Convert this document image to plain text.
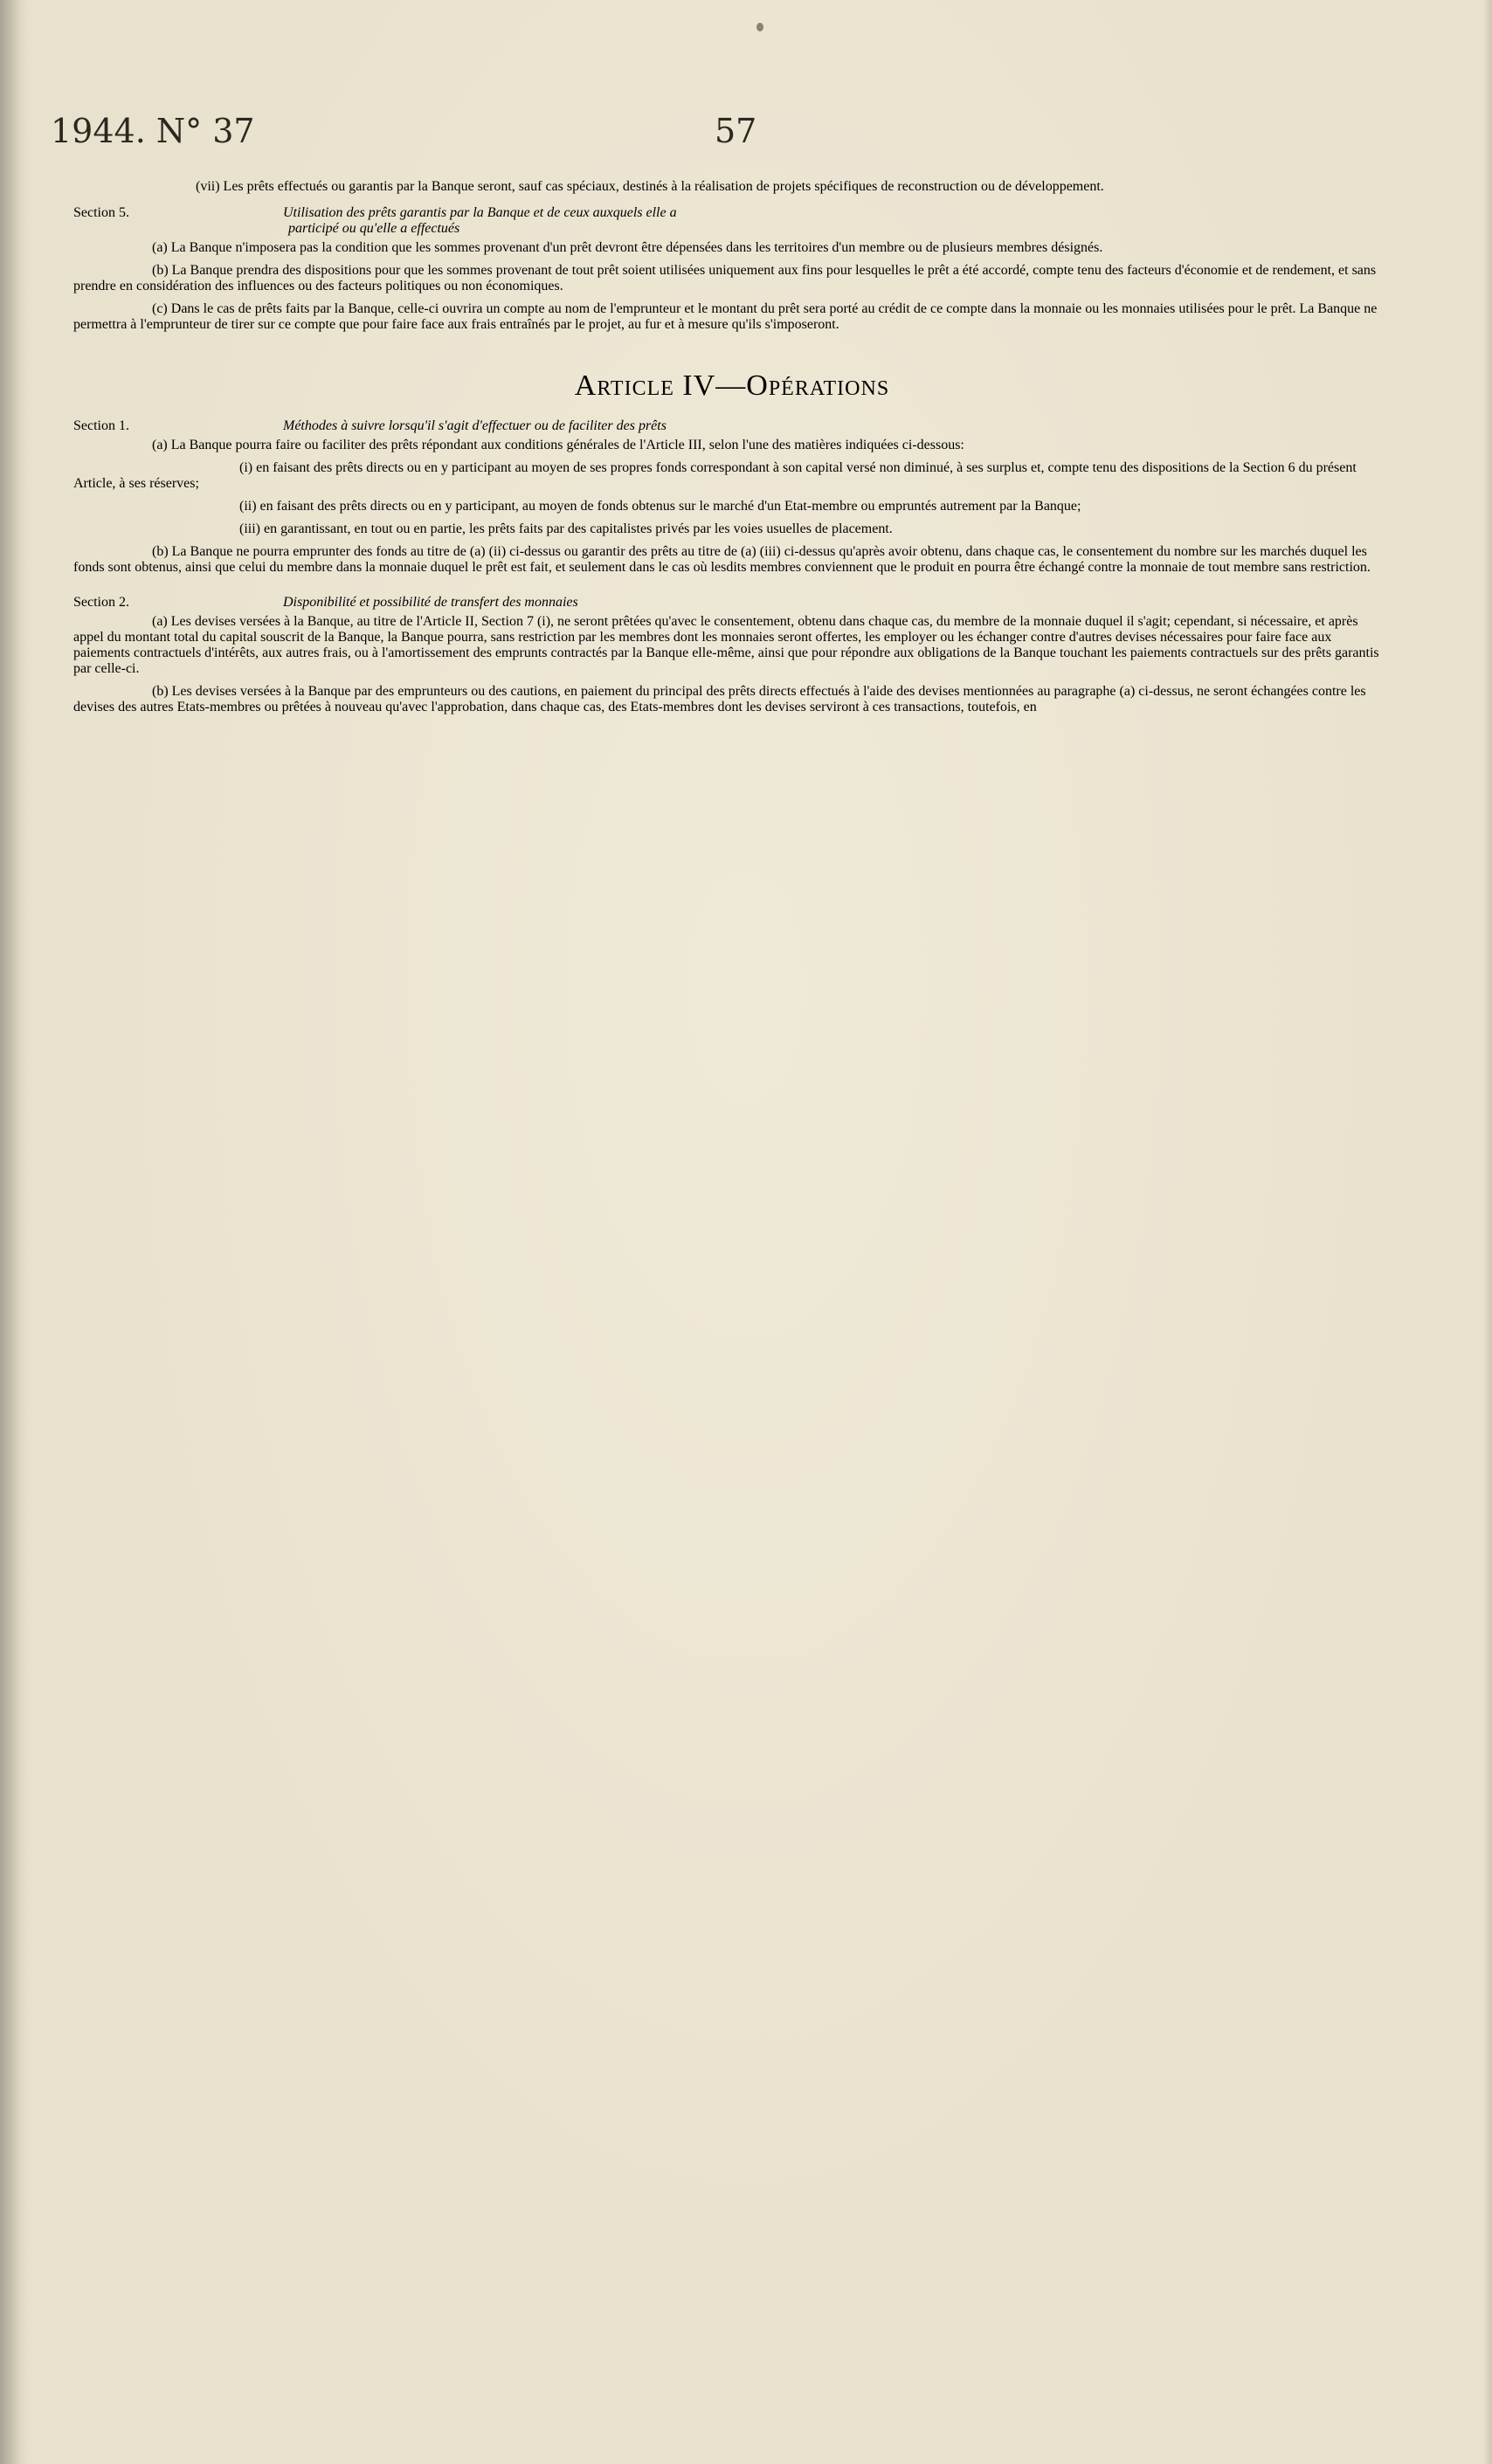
1944. N° 37	57

(vii) Les prêts effectués ou garantis par la Banque seront, sauf cas spéciaux, destinés à la réalisation de projets spécifiques de reconstruction ou de développement.

Section 5.	Utilisation des prêts garantis par la Banque et de ceux auxquels elle a
participé ou qu'elle a effectués

(a) La Banque n'imposera pas la condition que les sommes provenant d'un prêt devront être dépensées dans les territoires d'un membre ou de plusieurs membres désignés.

(b) La Banque prendra des dispositions pour que les sommes provenant de tout prêt soient utilisées uniquement aux fins pour lesquelles le prêt a été accordé, compte tenu des facteurs d'économie et de rendement, et sans prendre en considération des influences ou des facteurs politiques ou non économiques.

(c) Dans le cas de prêts faits par la Banque, celle-ci ouvrira un compte au nom de l'emprunteur et le montant du prêt sera porté au crédit de ce compte dans la monnaie ou les monnaies utilisées pour le prêt. La Banque ne permettra à l'emprunteur de tirer sur ce compte que pour faire face aux frais entraînés par le projet, au fur et à mesure qu'ils s'imposeront.

Article IV—Opérations
Section 1.	Méthodes à suivre lorsqu'il s'agit d'effectuer ou de faciliter des prêts

(a) La Banque pourra faire ou faciliter des prêts répondant aux conditions générales de l'Article III, selon l'une des matières indiquées ci-dessous:

(i) en faisant des prêts directs ou en y participant au moyen de ses propres fonds correspondant à son capital versé non diminué, à ses surplus et, compte tenu des dispositions de la Section 6 du présent Article, à ses réserves;

(ii) en faisant des prêts directs ou en y participant, au moyen de fonds obtenus sur le marché d'un Etat-membre ou empruntés autrement par la Banque;

(iii) en garantissant, en tout ou en partie, les prêts faits par des capitalistes privés par les voies usuelles de placement.

(b) La Banque ne pourra emprunter des fonds au titre de (a) (ii) ci-dessus ou garantir des prêts au titre de (a) (iii) ci-dessus qu'après avoir obtenu, dans chaque cas, le consentement du nombre sur les marchés duquel les fonds sont obtenus, ainsi que celui du membre dans la monnaie duquel le prêt est fait, et seulement dans le cas où lesdits membres conviennent que le produit en pourra être échangé contre la monnaie de tout membre sans restriction.

Section 2.	Disponibilité et possibilité de transfert des monnaies

(a) Les devises versées à la Banque, au titre de l'Article II, Section 7 (i), ne seront prêtées qu'avec le consentement, obtenu dans chaque cas, du membre de la monnaie duquel il s'agit; cependant, si nécessaire, et après appel du montant total du capital souscrit de la Banque, la Banque pourra, sans restriction par les membres dont les monnaies seront offertes, les employer ou les échanger contre d'autres devises nécessaires pour faire face aux paiements contractuels d'intérêts, aux autres frais, ou à l'amortissement des emprunts contractés par la Banque elle-même, ainsi que pour répondre aux obligations de la Banque touchant les paiements contractuels sur des prêts garantis par celle-ci.

(b) Les devises versées à la Banque par des emprunteurs ou des cautions, en paiement du principal des prêts directs effectués à l'aide des devises mentionnées au paragraphe (a) ci-dessus, ne seront échangées contre les devises des autres Etats-membres ou prêtées à nouveau qu'avec l'approbation, dans chaque cas, des Etats-membres dont les devises serviront à ces transactions, toutefois, en
